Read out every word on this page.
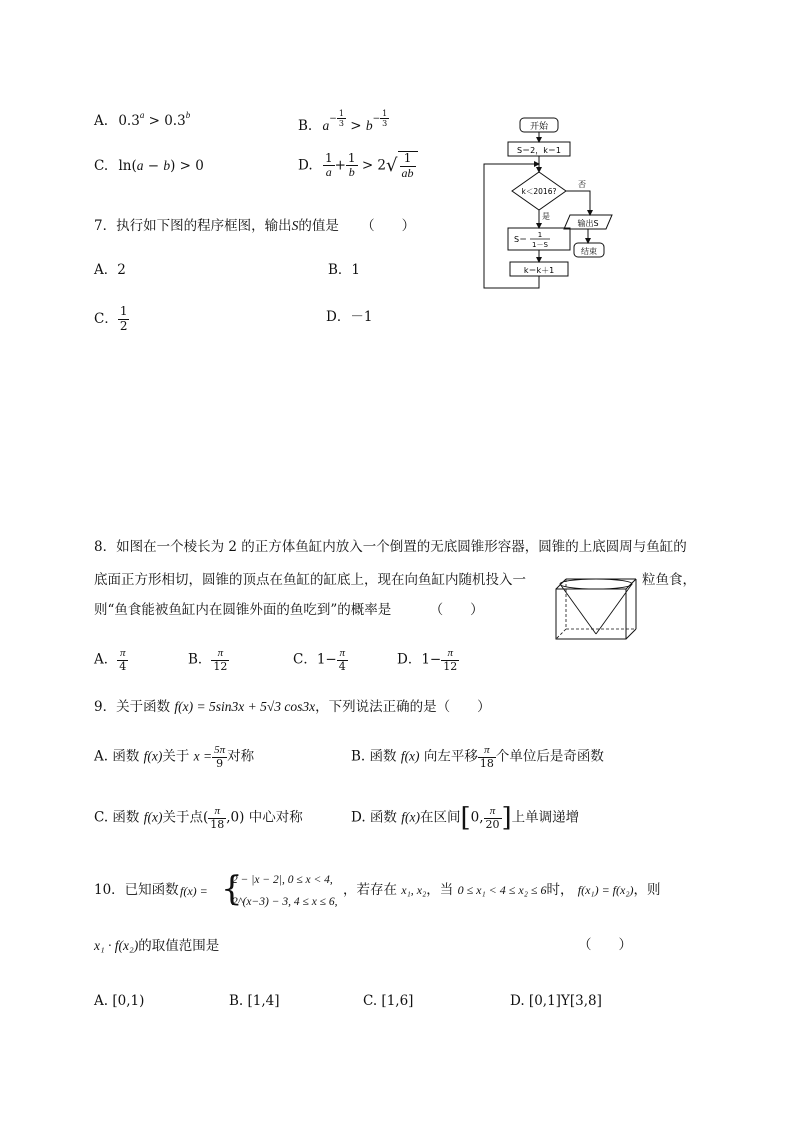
A. 0.3$^a$ > 0.3$^b$
B. $a^{- \frac{1}{3}} > b^{- \frac{1}{3}}$
C. ln(a − b) > 0	D. $\frac{1}{a} + \frac{1}{b} > 2√ \frac{1}{ab}$
7．执行如下图的程序框图，输出S的值是 （　　）
A．2	B．1
C． $\frac{1}{2}$	D．－1
开始
S＝2，k＝1
k＜2016?
否
输出S
结束
是
S＝ 1
1－S
k＝k＋1
8．如图在一个棱长为 2 的正方体鱼缸内放入一个倒置的无底圆锥形容器，圆锥的上底圆周与鱼缸的
底面正方形相切，圆锥的顶点在鱼缸的缸底上，现在向鱼缸内随机投入一	粒鱼食，
则“鱼食能被鱼缸内在圆锥外面的鱼吃到”的概率是	（　　）
A． $\frac{\pi}{4}$	B． $\frac{\pi}{12}$	C．$1- \frac{\pi}{4}$	D．$1- \frac{\pi}{12}$
9．关于函数 f(x) = 5sin3x + 5√3 cos3x，下列说法正确的是（　　）
A. 函数 f(x)关于 $x = \frac{5\pi}{9}$ 对称	B. 函数 f(x) 向左平移 $\frac{\pi}{18}$ 个单位后是奇函数
C. 函数 f(x)关于点( $\frac{\pi}{18} ,0$) 中心对称	D. 函数 f(x)在区间[0, $\frac{\pi}{20}$ ]上单调递增
10．已知函数 f(x) = {
2 − |x − 2|, 0 ≤ x < 4,
2^(x−3) − 3, 4 ≤ x ≤ 6,
，若存在 x₁, x₂，当 0 ≤ x₁ < 4 ≤ x₂ ≤ 6时， f(x₁) = f(x₂)，则
x₁ · f(x₂)的取值范围是	（　　）
A. [0,1)	B. [1,4]	C. [1,6]	D. [0,1]Y[3,8]
